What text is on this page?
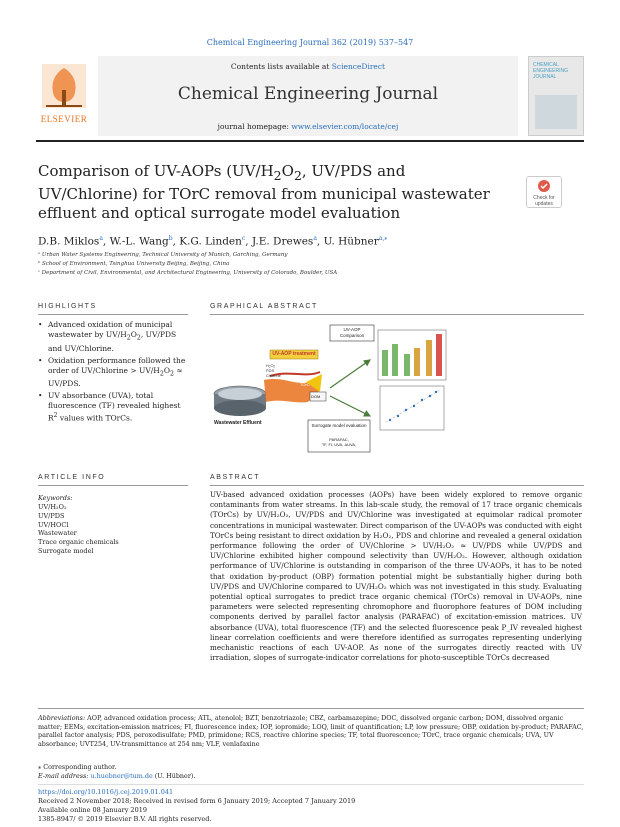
Chemical Engineering Journal 362 (2019) 537–547
ELSEVIER
Contents lists available at ScienceDirect
Chemical Engineering Journal
journal homepage: www.elsevier.com/locate/cej
CHEMICAL ENGINEERING JOURNAL
Comparison of UV-AOPs ($UV/H_2O_2$, UV/PDS and UV/Chlorine) for TOrC removal from municipal wastewater effluent and optical surrogate model evaluation
Check for updates
D.B. Miklos$^a$, W.-L. Wang$^b$, K.G. Linden$^c$, J.E. Drewes$^a$, U. Hübner$^{a,⁎}$
ᵃ Urban Water Systems Engineering, Technical University of Munich, Garching, Germany
ᵇ School of Environment, Tsinghua University Beijing, Beijing, China
ᶜ Department of Civil, Environmental, and Architectural Engineering, University of Colorado, Boulder, USA
HIGHLIGHTS	GRAPHICAL ABSTRACT
• Advanced oxidation of municipal wastewater by $UV/H_2O_2$, UV/PDS and UV/Chlorine.
• Oxidation performance followed the order of UV/Chlorine > $UV/H_2O_2 \approx UV/PDS$.
• UV absorbance (UVA), total fluorescence (TF) revealed highest $R^2$ values with TOrCs.
UV-AOP Comparison
UV-AOP treatment
H₂O₂
PDS
Chlorine
TOrC
DOM
Wastewater Effluent	Surrogate model evaluation
PARAFAC,
TF, FI, UVA, ΔUVA,
ARTICLE INFO	ABSTRACT
Keywords:
UV/H₂O₂
UV/PDS
UV/HOCl
Wastewater
Trace organic chemicals
Surrogate model
UV-based advanced oxidation processes (AOPs) have been widely explored to remove organic contaminants from water streams. In this lab-scale study, the removal of 17 trace organic chemicals (TOrCs) by UV/H₂O₂, UV/PDS and UV/Chlorine was investigated at equimolar radical promoter concentrations in municipal wastewater. Direct comparison of the UV-AOPs was conducted with eight TOrCs being resistant to direct oxidation by H₂O₂, PDS and chlorine and revealed a general oxidation performance following the order of UV/Chlorine > UV/H₂O₂ ≈ UV/PDS while UV/PDS and UV/Chlorine exhibited higher compound selectivity than UV/H₂O₂. However, although oxidation performance of UV/Chlorine is outstanding in comparison of the three UV-AOPs, it has to be noted that oxidation by-product (OBP) formation potential might be substantially higher during both UV/PDS and UV/Chlorine compared to UV/H₂O₂ which was not investigated in this study. Evaluating potential optical surrogates to predict trace organic chemical (TOrCs) removal in UV-AOPs, nine parameters were selected representing chromophore and fluorophore features of DOM including components derived by parallel factor analysis (PARAFAC) of excitation-emission matrices. UV absorbance (UVA), total fluorescence (TF) and the selected fluorescence peak P_IV revealed highest linear correlation coefficients and were therefore identified as surrogates representing underlying mechanistic reactions of each UV-AOP. As none of the surrogates directly reacted with UV irradiation, slopes of surrogate-indicator correlations for photo-susceptible TOrCs decreased
Abbreviations: AOP, advanced oxidation process; ATL, atenolol; BZT, benzotriazole; CBZ, carbamazepine; DOC, dissolved organic carbon; DOM, dissolved organic matter; EEMs, excitation-emission matrices; FI, fluorescence index; IOP, iopromide; LOQ, limit of quantification; LP, low pressure; OBP, oxidation by-product; PARAFAC, parallel factor analysis; PDS, peroxodisulfate; PMD, primidone; RCS, reactive chlorine species; TF, total fluorescence; TOrC, trace organic chemicals; UVA, UV absorbance; UVT254, UV-transmittance at 254 nm; VLF, venlafaxine
⁎ Corresponding author.
E-mail address: u.huebner@tum.de (U. Hübner).
https://doi.org/10.1016/j.cej.2019.01.041
Received 2 November 2018; Received in revised form 6 January 2019; Accepted 7 January 2019
Available online 08 January 2019
1385-8947/ © 2019 Elsevier B.V. All rights reserved.
